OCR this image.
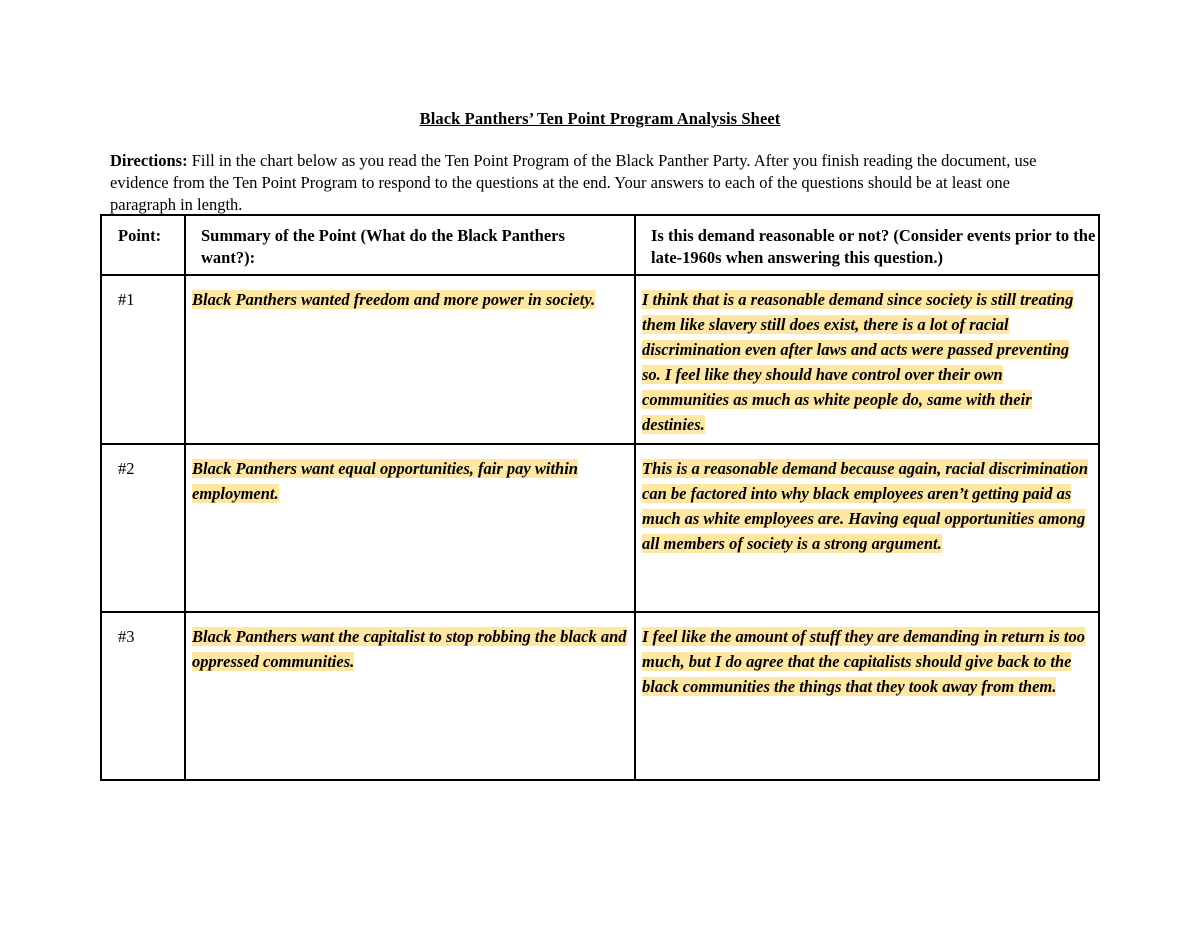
Black Panthers’ Ten Point Program Analysis Sheet
Directions: Fill in the chart below as you read the Ten Point Program of the Black Panther Party. After you finish reading the document, use evidence from the Ten Point Program to respond to the questions at the end. Your answers to each of the questions should be at least one paragraph in length.
Point:	Summary of the Point (What do the Black Panthers want?):	Is this demand reasonable or not? (Consider events prior to the late-1960s when answering this question.)

#1	Black Panthers wanted freedom and more power in society.	I think that is a reasonable demand since society is still treating them like slavery still does exist, there is a lot of racial discrimination even after laws and acts were passed preventing so. I feel like they should have control over their own communities as much as white people do, same with their destinies.

#2	Black Panthers want equal opportunities, fair pay within employment.	This is a reasonable demand because again, racial discrimination can be factored into why black employees aren’t getting paid as much as white employees are. Having equal opportunities among all members of society is a strong argument.

#3	Black Panthers want the capitalist to stop robbing the black and oppressed communities.	I feel like the amount of stuff they are demanding in return is too much, but I do agree that the capitalists should give back to the black communities the things that they took away from them.
